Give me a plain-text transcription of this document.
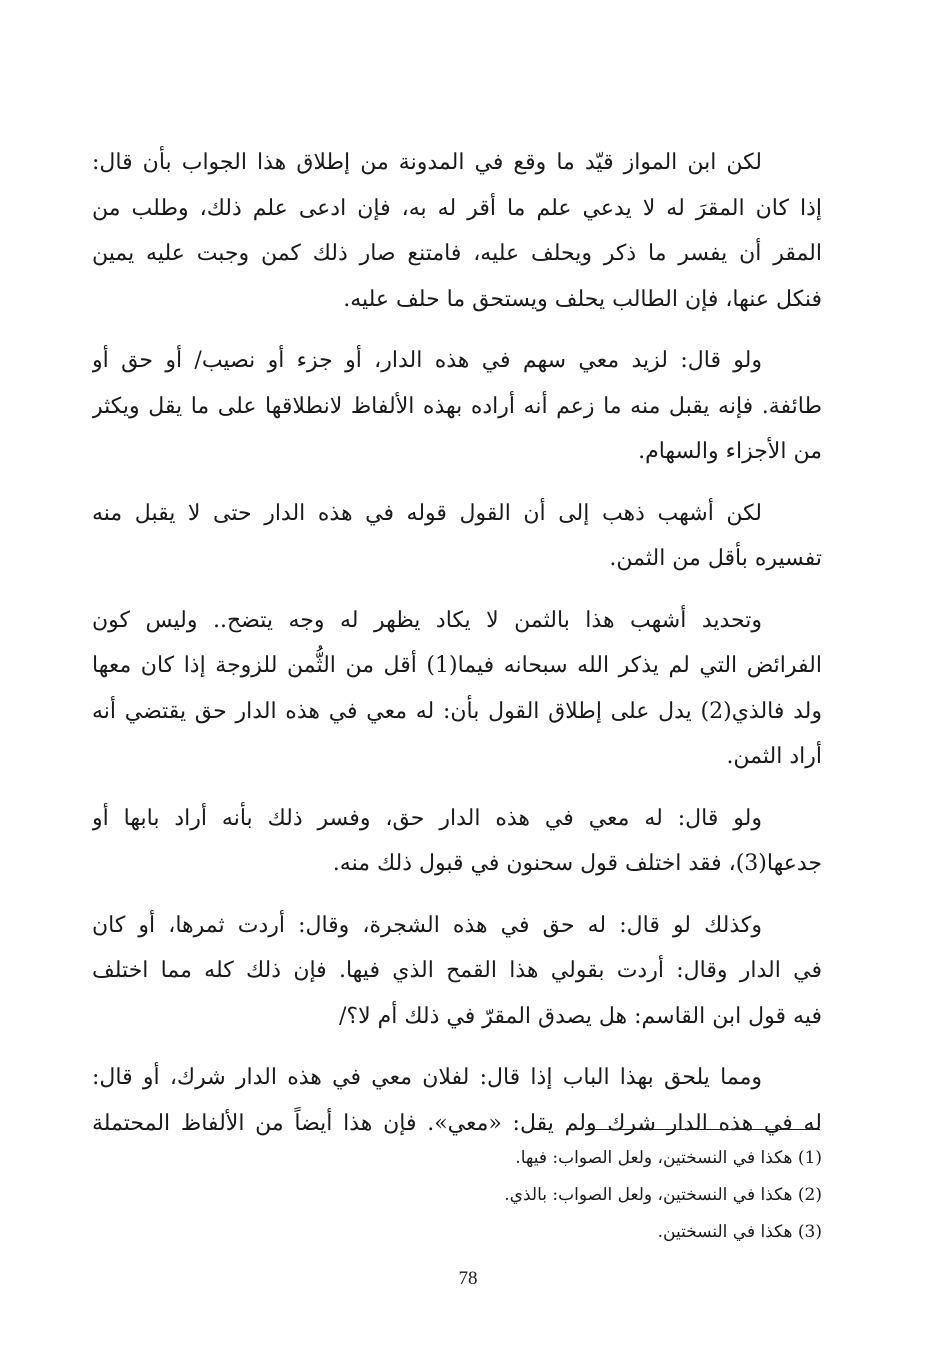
لكن ابن المواز قيّد ما وقع في المدونة من إطلاق هذا الجواب بأن قال:
إذا كان المقرَ له لا يدعي علم ما أقر له به، فإن ادعى علم ذلك، وطلب من
المقر أن يفسر ما ذكر ويحلف عليه، فامتنع صار ذلك كمن وجبت عليه يمين
فنكل عنها، فإن الطالب يحلف ويستحق ما حلف عليه.
ولو قال: لزيد معي سهم في هذه الدار، أو جزء أو نصيب/ أو حق أو
طائفة. فإنه يقبل منه ما زعم أنه أراده بهذه الألفاظ لانطلاقها على ما يقل ويكثر
من الأجزاء والسهام.
لكن أشهب ذهب إلى أن القول قوله في هذه الدار حتى لا يقبل منه
تفسيره بأقل من الثمن.
وتحديد أشهب هذا بالثمن لا يكاد يظهر له وجه يتضح.. وليس كون
الفرائض التي لم يذكر الله سبحانه فيما(1) أقل من الثُّمن للزوجة إذا كان معها
ولد فالذي(2) يدل على إطلاق القول بأن: له معي في هذه الدار حق يقتضي أنه
أراد الثمن.
ولو قال: له معي في هذه الدار حق، وفسر ذلك بأنه أراد بابها أو
جدعها(3)، فقد اختلف قول سحنون في قبول ذلك منه.
وكذلك لو قال: له حق في هذه الشجرة، وقال: أردت ثمرها، أو كان
في الدار وقال: أردت بقولي هذا القمح الذي فيها. فإن ذلك كله مما اختلف
فيه قول ابن القاسم: هل يصدق المقرّ في ذلك أم لا؟/
ومما يلحق بهذا الباب إذا قال: لفلان معي في هذه الدار شرك، أو قال:
له في هذه الدار شرك ولم يقل: «معي». فإن هذا أيضاً من الألفاظ المحتملة
(1) هكذا في النسختين، ولعل الصواب: فيها.
(2) هكذا في النسختين، ولعل الصواب: بالذي.
(3) هكذا في النسختين.
78
